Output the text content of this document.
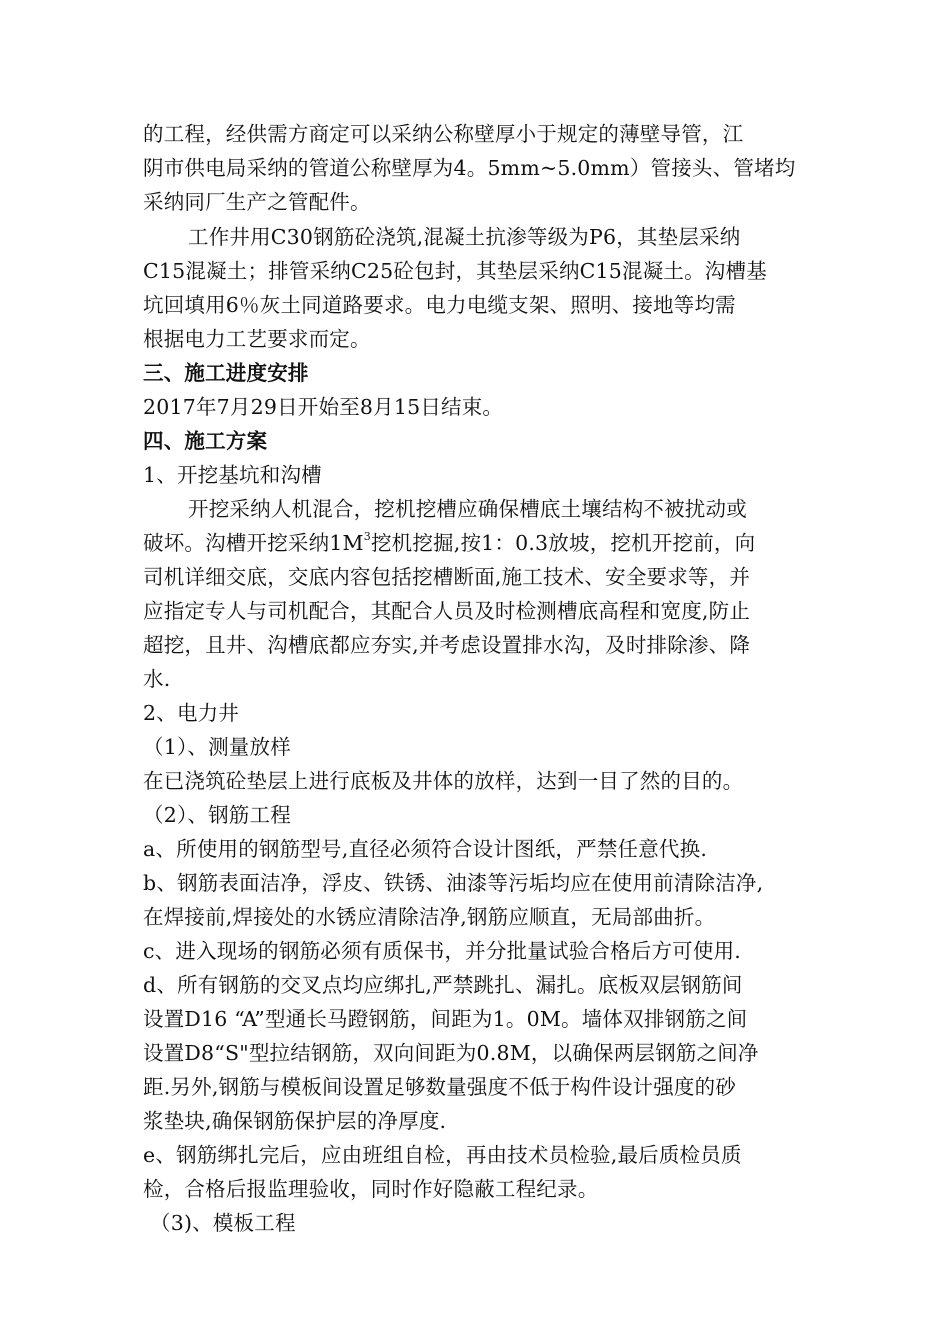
的工程，经供需方商定可以采纳公称壁厚小于规定的薄壁导管，江
阴市供电局采纳的管道公称壁厚为4。5mm~5.0mm）管接头、管堵均
采纳同厂生产之管配件。
工作井用C30钢筋砼浇筑,混凝土抗渗等级为P6，其垫层采纳
C15混凝土；排管采纳C25砼包封，其垫层采纳C15混凝土。沟槽基
坑回填用6％灰土同道路要求。电力电缆支架、照明、接地等均需
根据电力工艺要求而定。
三、施工进度安排
2017年7月29日开始至8月15日结束。
四、施工方案
1、开挖基坑和沟槽
开挖采纳人机混合，挖机挖槽应确保槽底土壤结构不被扰动或
破坏。沟槽开挖采纳$1M^3$挖机挖掘,按1：0.3放坡，挖机开挖前，向
司机详细交底，交底内容包括挖槽断面,施工技术、安全要求等，并
应指定专人与司机配合，其配合人员及时检测槽底高程和宽度,防止
超挖，且井、沟槽底都应夯实,并考虑设置排水沟，及时排除渗、降
水.
2、电力井
（1）、测量放样
在已浇筑砼垫层上进行底板及井体的放样，达到一目了然的目的。
（2）、钢筋工程
a、所使用的钢筋型号,直径必须符合设计图纸，严禁任意代换.
b、钢筋表面洁净，浮皮、铁锈、油漆等污垢均应在使用前清除洁净,
在焊接前,焊接处的水锈应清除洁净,钢筋应顺直，无局部曲折。
c、进入现场的钢筋必须有质保书，并分批量试验合格后方可使用.
d、所有钢筋的交叉点均应绑扎,严禁跳扎、漏扎。底板双层钢筋间
设置D16 “A”型通长马蹬钢筋，间距为1。0M。墙体双排钢筋之间
设置D8“S"型拉结钢筋，双向间距为0.8M，以确保两层钢筋之间净
距.另外,钢筋与模板间设置足够数量强度不低于构件设计强度的砂
浆垫块,确保钢筋保护层的净厚度.
e、钢筋绑扎完后，应由班组自检，再由技术员检验,最后质检员质
检，合格后报监理验收，同时作好隐蔽工程纪录。
（3)、模板工程
